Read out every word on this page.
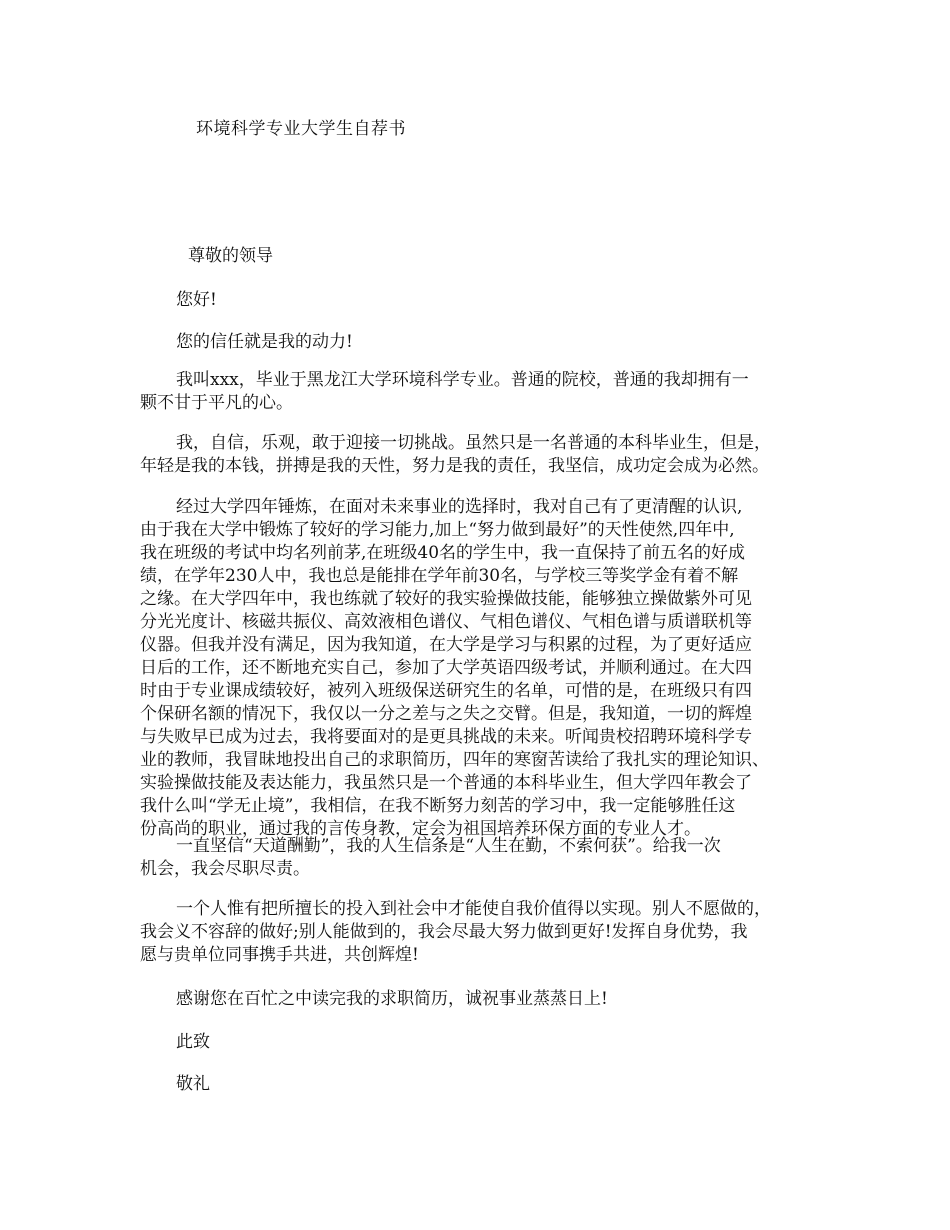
环境科学专业大学生自荐书
尊敬的领导
您好!
您的信任就是我的动力!
我叫xxx，毕业于黑龙江大学环境科学专业。普通的院校，普通的我却拥有一
颗不甘于平凡的心。
我，自信，乐观，敢于迎接一切挑战。虽然只是一名普通的本科毕业生，但是，
年轻是我的本钱，拼搏是我的天性，努力是我的责任，我坚信，成功定会成为必然。
经过大学四年锤炼，在面对未来事业的选择时，我对自己有了更清醒的认识,
由于我在大学中锻炼了较好的学习能力,加上“努力做到最好”的天性使然,四年中,
我在班级的考试中均名列前茅,在班级40名的学生中，我一直保持了前五名的好成
绩，在学年230人中，我也总是能排在学年前30名，与学校三等奖学金有着不解
之缘。在大学四年中，我也练就了较好的我实验操做技能，能够独立操做紫外可见
分光光度计、核磁共振仪、高效液相色谱仪、气相色谱仪、气相色谱与质谱联机等
仪器。但我并没有满足，因为我知道，在大学是学习与积累的过程，为了更好适应
日后的工作，还不断地充实自己，参加了大学英语四级考试，并顺利通过。在大四
时由于专业课成绩较好，被列入班级保送研究生的名单，可惜的是，在班级只有四
个保研名额的情况下，我仅以一分之差与之失之交臂。但是，我知道，一切的辉煌
与失败早已成为过去，我将要面对的是更具挑战的未来。听闻贵校招聘环境科学专
业的教师，我冒昧地投出自己的求职简历，四年的寒窗苦读给了我扎实的理论知识、
实验操做技能及表达能力，我虽然只是一个普通的本科毕业生，但大学四年教会了
我什么叫“学无止境”，我相信，在我不断努力刻苦的学习中，我一定能够胜任这
份高尚的职业，通过我的言传身教，定会为祖国培养环保方面的专业人才。
一直坚信“天道酬勤”，我的人生信条是“人生在勤，不索何获”。给我一次
机会，我会尽职尽责。
一个人惟有把所擅长的投入到社会中才能使自我价值得以实现。别人不愿做的，
我会义不容辞的做好;别人能做到的，我会尽最大努力做到更好!发挥自身优势，我
愿与贵单位同事携手共进，共创辉煌!
感谢您在百忙之中读完我的求职简历，诚祝事业蒸蒸日上!
此致
敬礼
